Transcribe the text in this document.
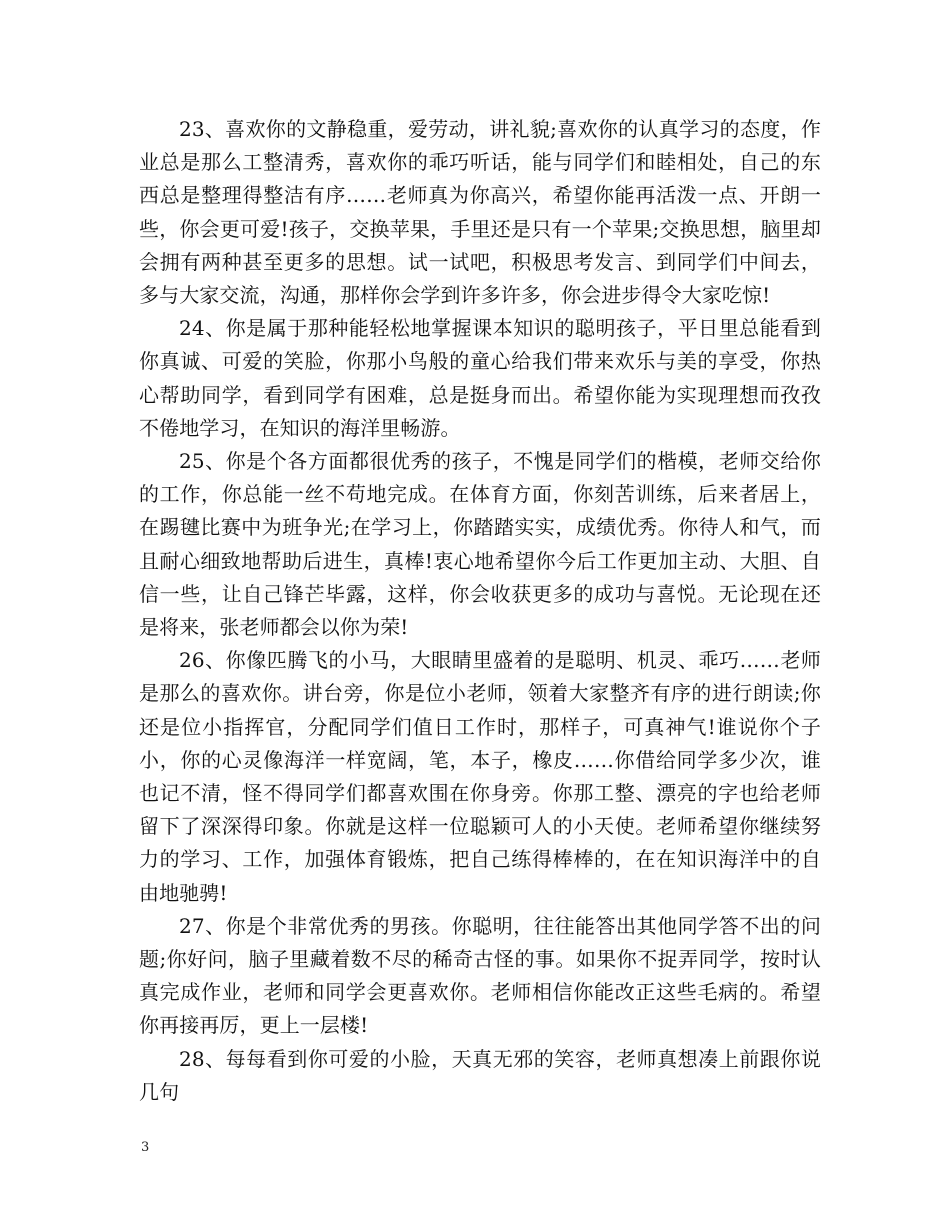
23、喜欢你的文静稳重，爱劳动，讲礼貌;喜欢你的认真学习的态度，作业总是那么工整清秀，喜欢你的乖巧听话，能与同学们和睦相处，自己的东西总是整理得整洁有序……老师真为你高兴，希望你能再活泼一点、开朗一些，你会更可爱!孩子，交换苹果，手里还是只有一个苹果;交换思想，脑里却会拥有两种甚至更多的思想。试一试吧，积极思考发言、到同学们中间去，多与大家交流，沟通，那样你会学到许多许多，你会进步得令大家吃惊!

24、你是属于那种能轻松地掌握课本知识的聪明孩子，平日里总能看到你真诚、可爱的笑脸，你那小鸟般的童心给我们带来欢乐与美的享受，你热心帮助同学，看到同学有困难，总是挺身而出。希望你能为实现理想而孜孜不倦地学习，在知识的海洋里畅游。

25、你是个各方面都很优秀的孩子，不愧是同学们的楷模，老师交给你的工作，你总能一丝不苟地完成。在体育方面，你刻苦训练，后来者居上，在踢毽比赛中为班争光;在学习上，你踏踏实实，成绩优秀。你待人和气，而且耐心细致地帮助后进生，真棒!衷心地希望你今后工作更加主动、大胆、自信一些，让自己锋芒毕露，这样，你会收获更多的成功与喜悦。无论现在还是将来，张老师都会以你为荣!

26、你像匹腾飞的小马，大眼睛里盛着的是聪明、机灵、乖巧……老师是那么的喜欢你。讲台旁，你是位小老师，领着大家整齐有序的进行朗读;你还是位小指挥官，分配同学们值日工作时，那样子，可真神气!谁说你个子小，你的心灵像海洋一样宽阔，笔，本子，橡皮……你借给同学多少次，谁也记不清，怪不得同学们都喜欢围在你身旁。你那工整、漂亮的字也给老师留下了深深得印象。你就是这样一位聪颖可人的小天使。老师希望你继续努力的学习、工作，加强体育锻炼，把自己练得棒棒的，在在知识海洋中的自由地驰骋!

27、你是个非常优秀的男孩。你聪明，往往能答出其他同学答不出的问题;你好问，脑子里藏着数不尽的稀奇古怪的事。如果你不捉弄同学，按时认真完成作业，老师和同学会更喜欢你。老师相信你能改正这些毛病的。希望你再接再厉，更上一层楼!

28、每每看到你可爱的小脸，天真无邪的笑容，老师真想凑上前跟你说几句

3
